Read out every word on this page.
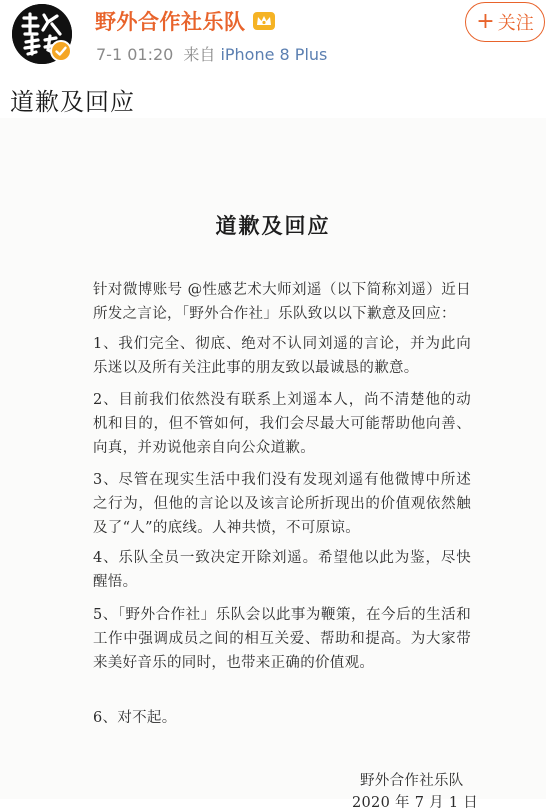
野外合作社乐队
7-1 01:20 来自 iPhone 8 Plus
+ 关注
道歉及回应
道歉及回应
针对微博账号 @性感艺术大师刘遥（以下简称刘遥）近日所发之言论，「野外合作社」乐队致以以下歉意及回应：
1、我们完全、彻底、绝对不认同刘遥的言论，并为此向乐迷以及所有关注此事的朋友致以最诚恳的歉意。
2、目前我们依然没有联系上刘遥本人，尚不清楚他的动机和目的，但不管如何，我们会尽最大可能帮助他向善、向真，并劝说他亲自向公众道歉。
3、尽管在现实生活中我们没有发现刘遥有他微博中所述之行为，但他的言论以及该言论所折现出的价值观依然触及了“人”的底线。人神共愤，不可原谅。
4、乐队全员一致决定开除刘遥。希望他以此为鉴，尽快醒悟。
5、「野外合作社」乐队会以此事为鞭策，在今后的生活和工作中强调成员之间的相互关爱、帮助和提高。为大家带来美好音乐的同时，也带来正确的价值观。
6、对不起。
野外合作社乐队
2020 年 7 月 1 日
